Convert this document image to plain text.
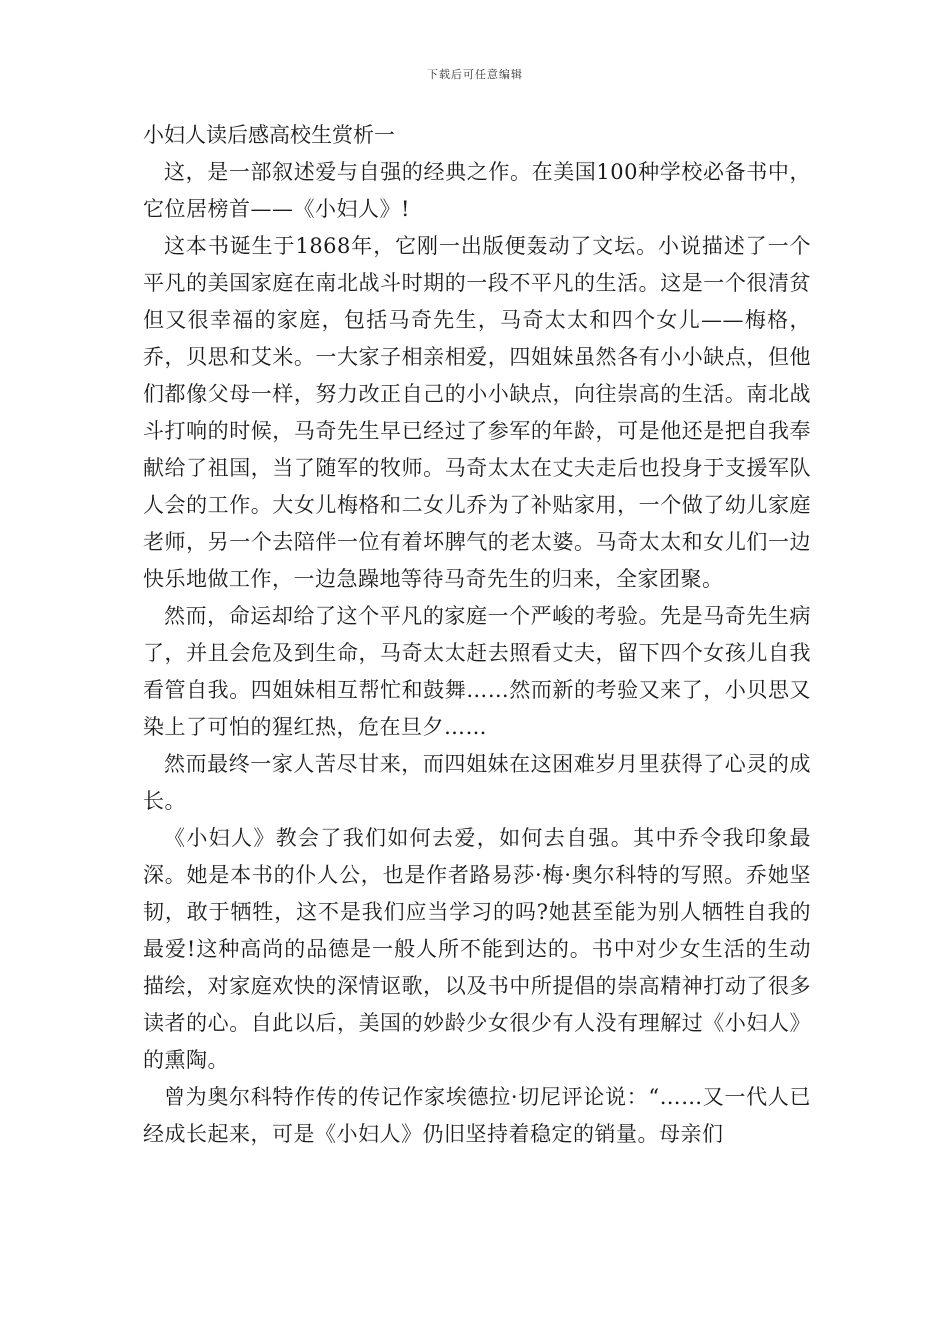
下载后可任意编辑

小妇人读后感高校生赏析一

这，是一部叙述爱与自强的经典之作。在美国100种学校必备书中，它位居榜首——《小妇人》!

这本书诞生于1868年，它刚一出版便轰动了文坛。小说描述了一个平凡的美国家庭在南北战斗时期的一段不平凡的生活。这是一个很清贫但又很幸福的家庭，包括马奇先生，马奇太太和四个女儿——梅格，乔，贝思和艾米。一大家子相亲相爱，四姐妹虽然各有小小缺点，但他们都像父母一样，努力改正自己的小小缺点，向往崇高的生活。南北战斗打响的时候，马奇先生早已经过了参军的年龄，可是他还是把自我奉献给了祖国，当了随军的牧师。马奇太太在丈夫走后也投身于支援军队人会的工作。大女儿梅格和二女儿乔为了补贴家用，一个做了幼儿家庭老师，另一个去陪伴一位有着坏脾气的老太婆。马奇太太和女儿们一边快乐地做工作，一边急躁地等待马奇先生的归来，全家团聚。

然而，命运却给了这个平凡的家庭一个严峻的考验。先是马奇先生病了，并且会危及到生命，马奇太太赶去照看丈夫，留下四个女孩儿自我看管自我。四姐妹相互帮忙和鼓舞……然而新的考验又来了，小贝思又染上了可怕的猩红热，危在旦夕……

然而最终一家人苦尽甘来，而四姐妹在这困难岁月里获得了心灵的成长。

《小妇人》教会了我们如何去爱，如何去自强。其中乔令我印象最深。她是本书的仆人公，也是作者路易莎·梅·奥尔科特的写照。乔她坚韧，敢于牺牲，这不是我们应当学习的吗?她甚至能为别人牺牲自我的最爱!这种高尚的品德是一般人所不能到达的。书中对少女生活的生动描绘，对家庭欢快的深情讴歌，以及书中所提倡的崇高精神打动了很多读者的心。自此以后，美国的妙龄少女很少有人没有理解过《小妇人》的熏陶。

曾为奥尔科特作传的传记作家埃德拉·切尼评论说：“……又一代人已经成长起来，可是《小妇人》仍旧坚持着稳定的销量。母亲们
